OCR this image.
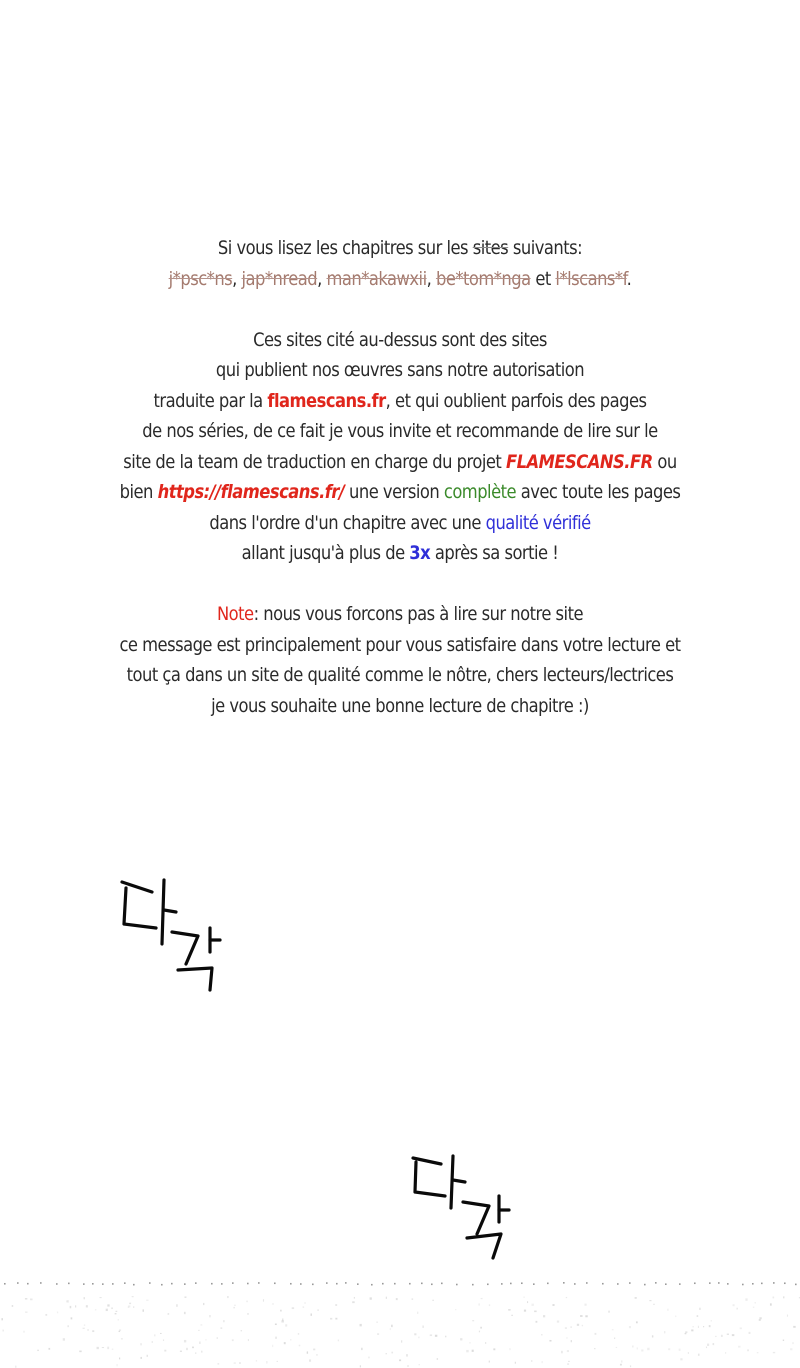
Si vous lisez les chapitres sur les sites suivants:
j*psc*ns, jap*nread, man*akawxii, be*tom*nga et l*lscans*f.
Ces sites cité au-dessus sont des sites
qui publient nos œuvres sans notre autorisation
traduite par la flamescans.fr, et qui oublient parfois des pages
de nos séries, de ce fait je vous invite et recommande de lire sur le
site de la team de traduction en charge du projet FLAMESCANS.FR ou
bien https://flamescans.fr/ une version complète avec toute les pages
dans l'ordre d'un chapitre avec une qualité vérifié
allant jusqu'à plus de 3x après sa sortie !
Note: nous vous forcons pas à lire sur notre site
ce message est principalement pour vous satisfaire dans votre lecture et
tout ça dans un site de qualité comme le nôtre, chers lecteurs/lectrices
je vous souhaite une bonne lecture de chapitre :)
